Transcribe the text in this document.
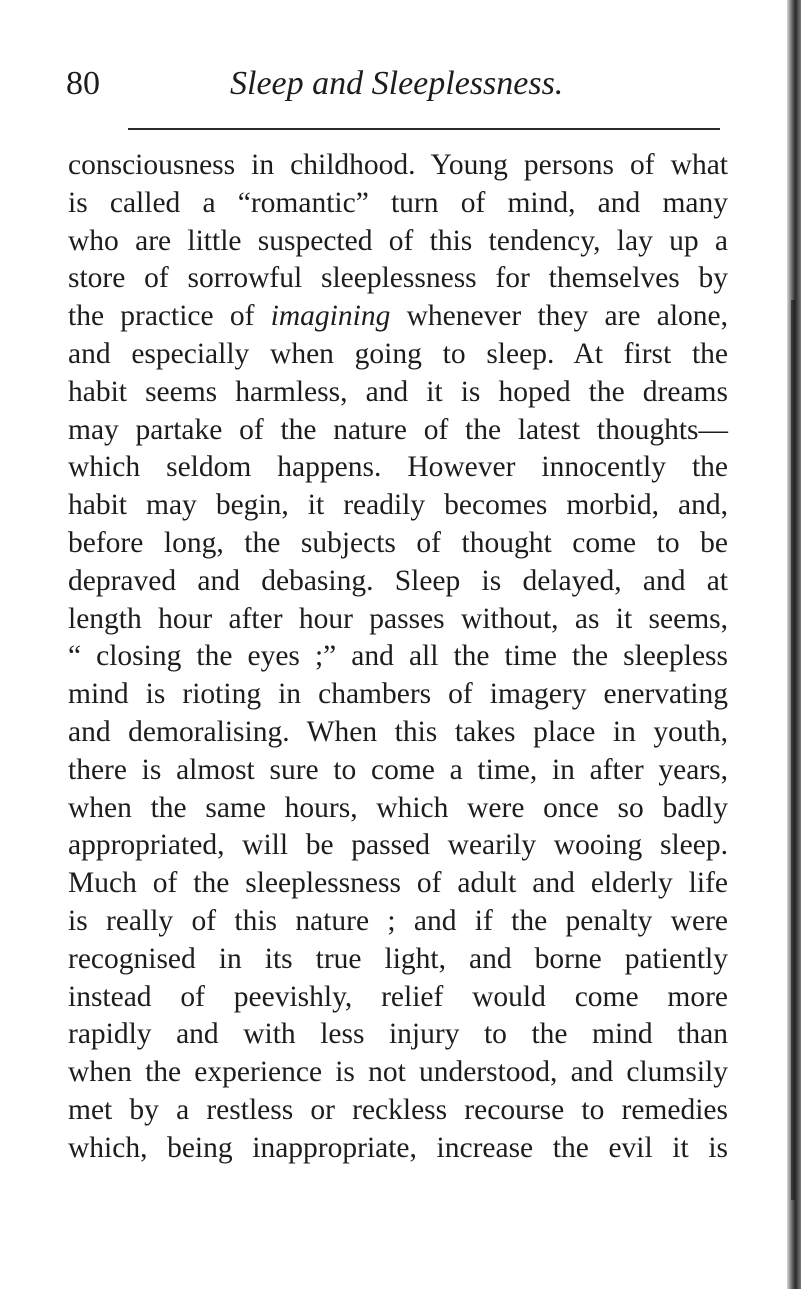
80	Sleep and Sleeplessness.

consciousness in childhood. Young persons of what
is called a “romantic” turn of mind, and many
who are little suspected of this tendency, lay up a
store of sorrowful sleeplessness for themselves by
the practice of imagining whenever they are alone,
and especially when going to sleep. At first the
habit seems harmless, and it is hoped the dreams
may partake of the nature of the latest thoughts—
which seldom happens. However innocently the
habit may begin, it readily becomes morbid, and,
before long, the subjects of thought come to be
depraved and debasing. Sleep is delayed, and at
length hour after hour passes without, as it seems,
“ closing the eyes ;” and all the time the sleepless
mind is rioting in chambers of imagery enervating
and demoralising. When this takes place in youth,
there is almost sure to come a time, in after years,
when the same hours, which were once so badly
appropriated, will be passed wearily wooing sleep.
Much of the sleeplessness of adult and elderly life
is really of this nature ; and if the penalty were
recognised in its true light, and borne patiently
instead of peevishly, relief would come more
rapidly and with less injury to the mind than
when the experience is not understood, and clumsily
met by a restless or reckless recourse to remedies
which, being inappropriate, increase the evil it is
